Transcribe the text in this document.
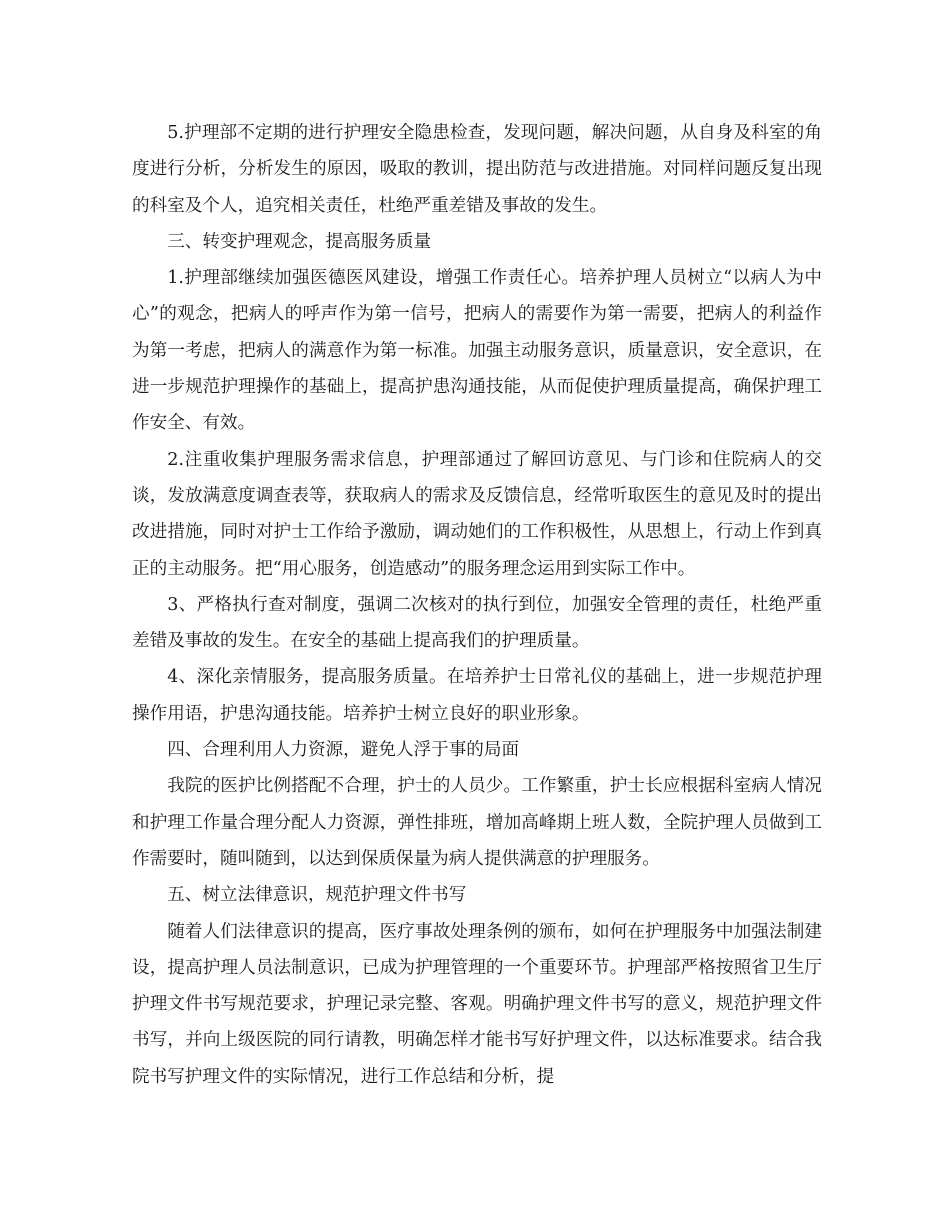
5.护理部不定期的进行护理安全隐患检查，发现问题，解决问题，从自身及科室的角度进行分析，分析发生的原因，吸取的教训，提出防范与改进措施。对同样问题反复出现的科室及个人，追究相关责任，杜绝严重差错及事故的发生。

三、转变护理观念，提高服务质量

1.护理部继续加强医德医风建设，增强工作责任心。培养护理人员树立“以病人为中心”的观念，把病人的呼声作为第一信号，把病人的需要作为第一需要，把病人的利益作为第一考虑，把病人的满意作为第一标准。加强主动服务意识，质量意识，安全意识，在进一步规范护理操作的基础上，提高护患沟通技能，从而促使护理质量提高，确保护理工作安全、有效。

2.注重收集护理服务需求信息，护理部通过了解回访意见、与门诊和住院病人的交谈，发放满意度调查表等，获取病人的需求及反馈信息，经常听取医生的意见及时的提出改进措施，同时对护士工作给予激励，调动她们的工作积极性，从思想上，行动上作到真正的主动服务。把“用心服务，创造感动”的服务理念运用到实际工作中。

3、严格执行查对制度，强调二次核对的执行到位，加强安全管理的责任，杜绝严重差错及事故的发生。在安全的基础上提高我们的护理质量。

4、深化亲情服务，提高服务质量。在培养护士日常礼仪的基础上，进一步规范护理操作用语，护患沟通技能。培养护士树立良好的职业形象。

四、合理利用人力资源，避免人浮于事的局面

我院的医护比例搭配不合理，护士的人员少。工作繁重，护士长应根据科室病人情况和护理工作量合理分配人力资源，弹性排班，增加高峰期上班人数，全院护理人员做到工作需要时，随叫随到，以达到保质保量为病人提供满意的护理服务。

五、树立法律意识，规范护理文件书写

随着人们法律意识的提高，医疗事故处理条例的颁布，如何在护理服务中加强法制建设，提高护理人员法制意识，已成为护理管理的一个重要环节。护理部严格按照省卫生厅护理文件书写规范要求，护理记录完整、客观。明确护理文件书写的意义，规范护理文件书写，并向上级医院的同行请教，明确怎样才能书写好护理文件，以达标准要求。结合我院书写护理文件的实际情况，进行工作总结和分析，提
